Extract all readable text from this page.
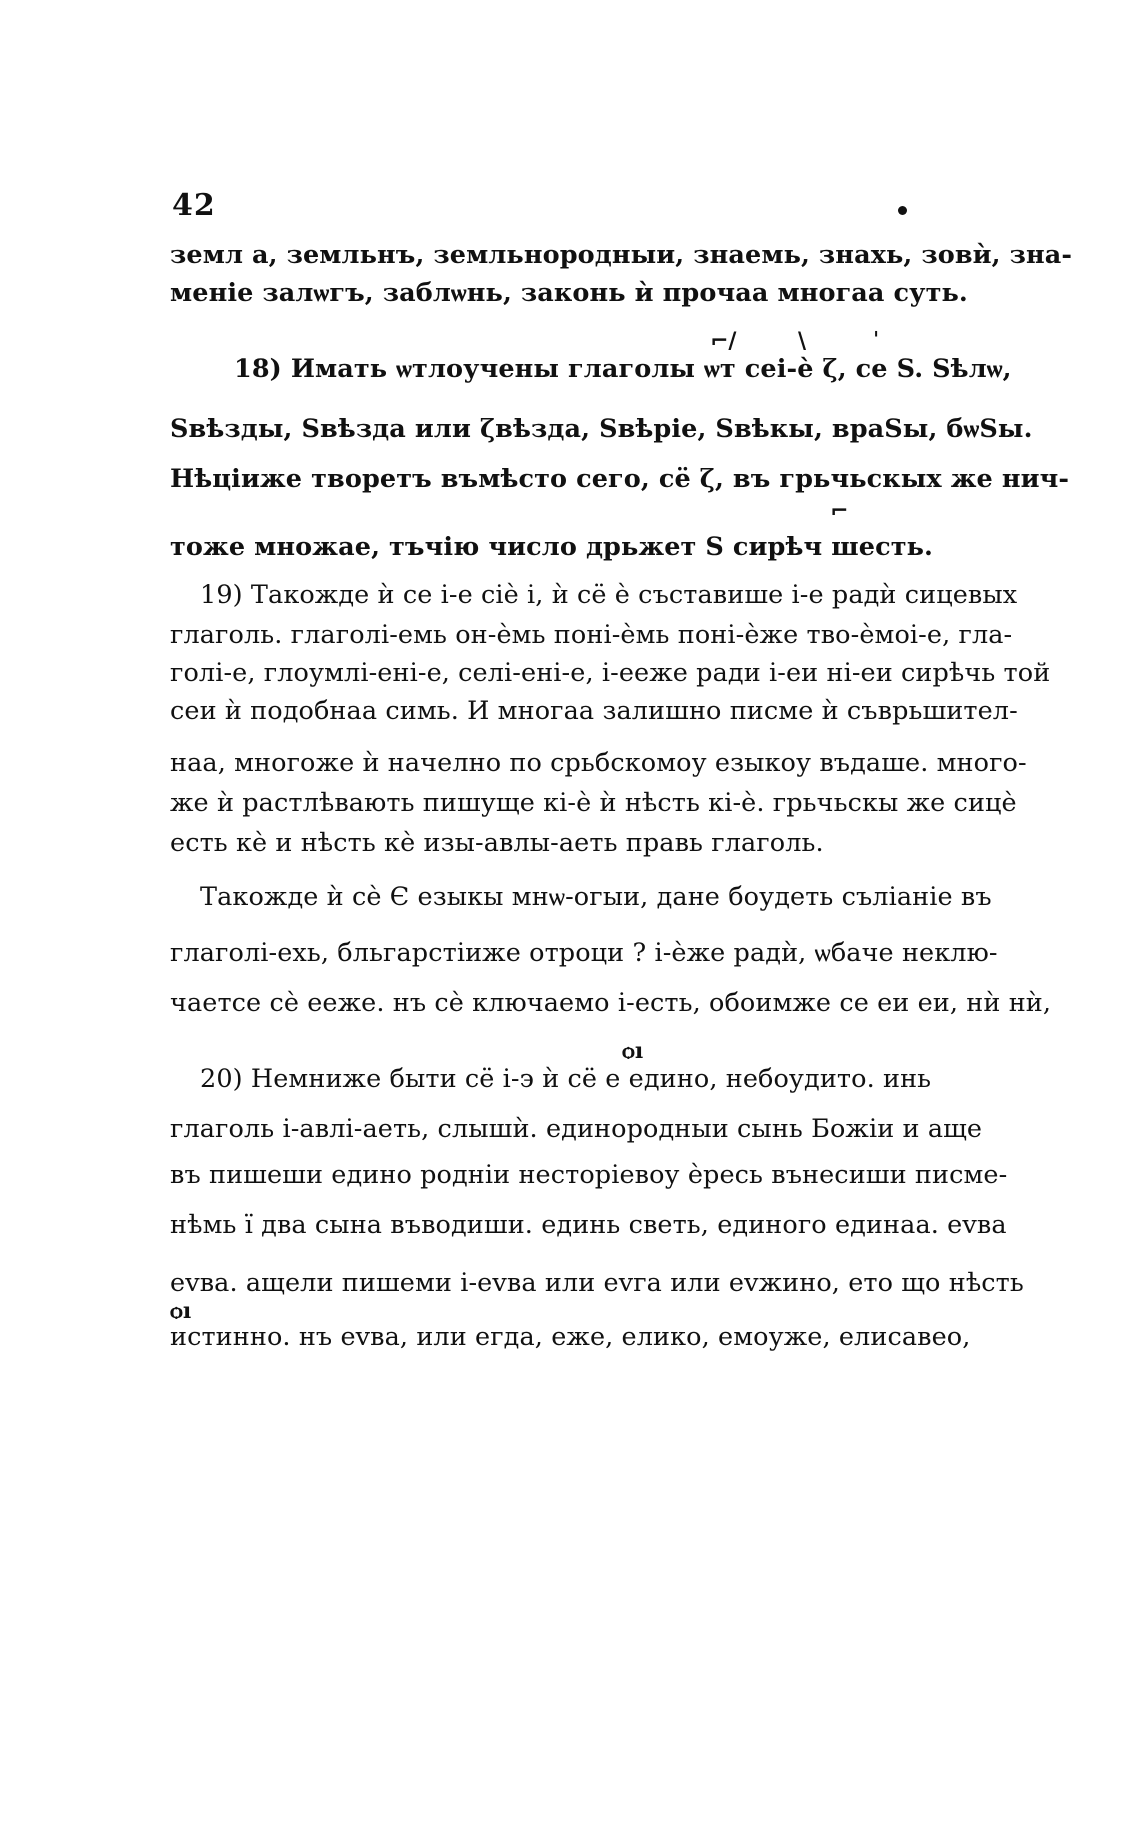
42
земл а, земльнъ, земльнородныи, знаемь, знахь, зовѝ, зна-
менiе залѡгъ, заблѡнь, законь ѝ прочаа многаа суть.
⌐/	\	ˈ
18) Имать ѡтлоучены глаголы ѡт сеi-ѐ ζ, се S. Sѣлѡ,
Sвѣзды, Sвѣзда или ζвѣзда, Sвѣрiе, Sвѣкы, враSы, бѡSы.
Нѣцiиже творетъ въмѣсто сего, сё ζ, въ грьчьскых же нич-
⌐
тоже множае, тъчiю число дрьжет S сирѣч шесть.
19) Такожде ѝ се і-е сiѐ і, ѝ сё ѐ съставише і-е радѝ сицевых
глаголь. глаголі-емь он-ѐмь поні-ѐмь поні-ѐже тво-ѐмоі-е, гла-
голі-е, глоумлі-ені-е, селі-ені-е, і-ееже ради і-еи ні-еи сирѣчь той
сеи ѝ подобнаа симь. И многаа залишно писме ѝ съврьшител-
наа, многоже ѝ начелно по срьбскомоу езыкоу въдаше. много-
же ѝ растлѣвають пишуще кі-ѐ ѝ нѣсть кі-ѐ. грьчьскы же сицѐ
есть кѐ и нѣсть кѐ изы-авлы-аеть правь глаголь.
Такожде ѝ сѐ Є езыкы мнѡ-огыи, дане боудеть съліанiе въ
глаголі-ехь, бльгарстiиже отроци ? і-ѐже радѝ, ѡбаче неклю-
чаетсе сѐ ееже. нъ сѐ ключаемо і-есть, обоимже се еи еи, нѝ нѝ,
ѻı
20) Немниже быти сё і-э ѝ сё е едино, небоудито. инь
глаголь і-авлі-аеть, слышѝ. единородныи сынь Божiи и аще
въ пишеши едино роднiи несторiевоу ѐресь вънесиши писме-
нѣмь ї два сына въводиши. единь светь, единого единаа. еvва
еvва. ащели пишеми і-еvва или еvга или еvжино, ето що нѣсть
ѻı
истинно. нъ еvва, или егда, еже, елико, емоуже, елисавео,
